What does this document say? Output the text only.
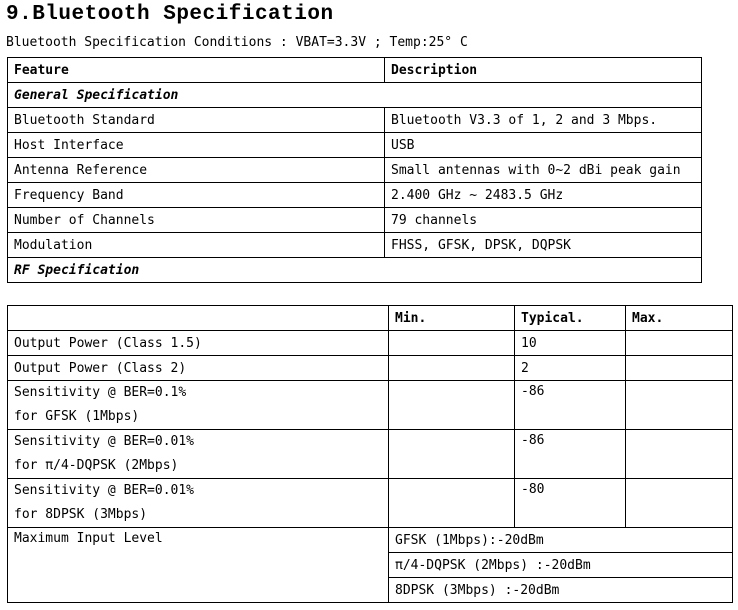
9.Bluetooth Specification
Bluetooth Specification Conditions : VBAT=3.3V ; Temp:25° C
Feature	Description
General Specification	
Bluetooth Standard	Bluetooth V3.3 of 1, 2 and 3 Mbps.
Host Interface	USB
Antenna Reference	Small antennas with 0~2 dBi peak gain
Frequency Band	2.400 GHz ~ 2483.5 GHz
Number of Channels	79 channels
Modulation	FHSS, GFSK, DPSK, DQPSK
RF Specification	
	Min.	Typical.	Max.
Output Power (Class 1.5)		10	
Output Power (Class 2)		2	

Sensitivity @ BER=0.1%
for GFSK (1Mbps)		-86	

Sensitivity @ BER=0.01%
for π/4-DQPSK (2Mbps)		-86	

Sensitivity @ BER=0.01%
for 8DPSK (3Mbps)		-80	
Maximum Input Level	GFSK (1Mbps):-20dBm		
	π/4-DQPSK (2Mbps) :-20dBm		
	8DPSK (3Mbps) :-20dBm		
